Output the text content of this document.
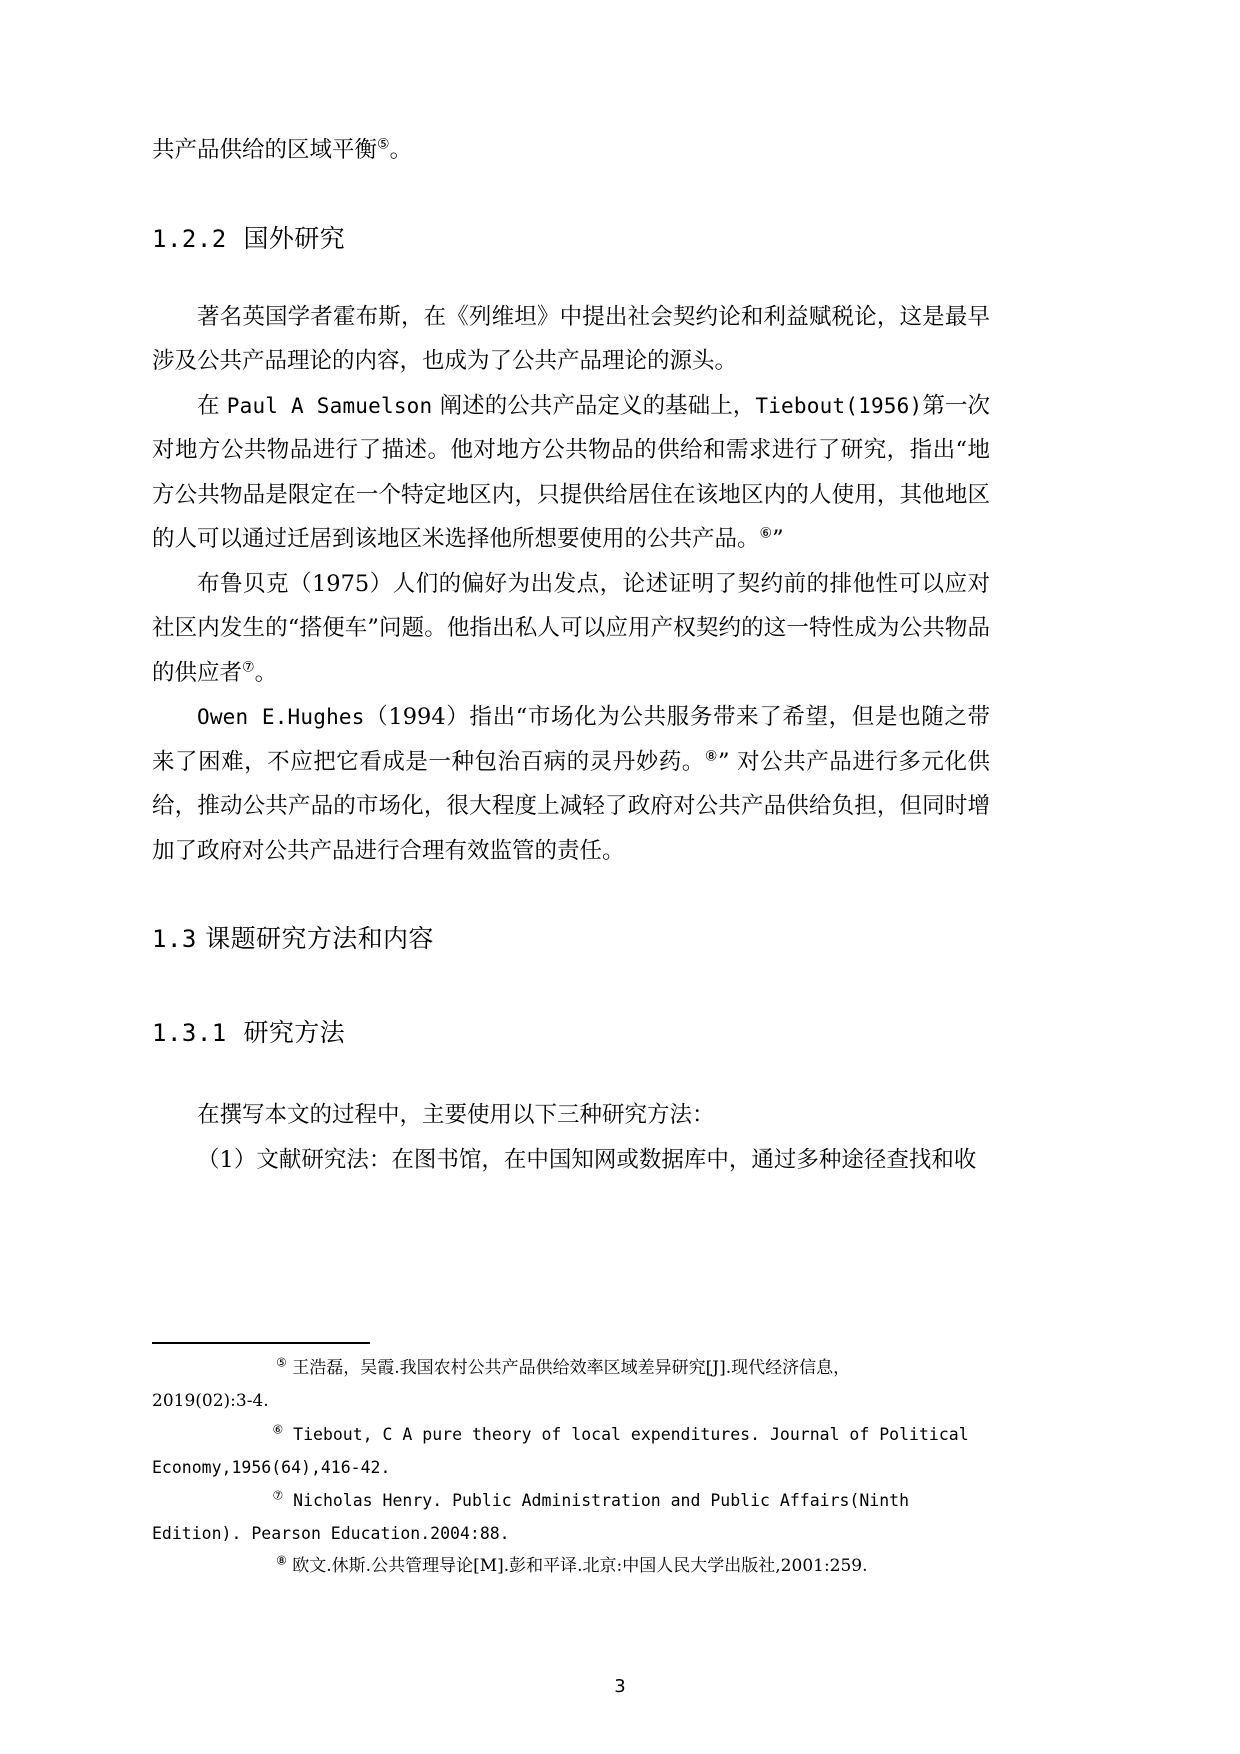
共产品供给的区域平衡⑤。

1.2.2 国外研究

著名英国学者霍布斯，在《列维坦》中提出社会契约论和利益赋税论，这是最早涉及公共产品理论的内容，也成为了公共产品理论的源头。

在 Paul A Samuelson 阐述的公共产品定义的基础上，Tiebout(1956)第一次对地方公共物品进行了描述。他对地方公共物品的供给和需求进行了研究，指出“地方公共物品是限定在一个特定地区内，只提供给居住在该地区内的人使用，其他地区的人可以通过迁居到该地区米选择他所想要使用的公共产品。⑥”

布鲁贝克（1975）人们的偏好为出发点，论述证明了契约前的排他性可以应对社区内发生的“搭便车”问题。他指出私人可以应用产权契约的这一特性成为公共物品的供应者⑦。

Owen E.Hughes（1994）指出“市场化为公共服务带来了希望，但是也随之带来了困难，不应把它看成是一种包治百病的灵丹妙药。⑧” 对公共产品进行多元化供给，推动公共产品的市场化，很大程度上减轻了政府对公共产品供给负担，但同时增加了政府对公共产品进行合理有效监管的责任。

1.3 课题研究方法和内容
1.3.1 研究方法

在撰写本文的过程中，主要使用以下三种研究方法：

（1）文献研究法：在图书馆，在中国知网或数据库中，通过多种途径查找和收

⑤ 王浩磊，吴霞.我国农村公共产品供给效率区域差异研究[J].现代经济信息，

2019(02):3-4.

⑥ Tiebout, C A pure theory of local expenditures. Journal of Political

Economy,1956(64),416-42.

⑦ Nicholas Henry. Public Administration and Public Affairs(Ninth

Edition). Pearson Education.2004:88.

⑧ 欧文.休斯.公共管理导论[M].彭和平译.北京:中国人民大学出版社,2001:259.

3
